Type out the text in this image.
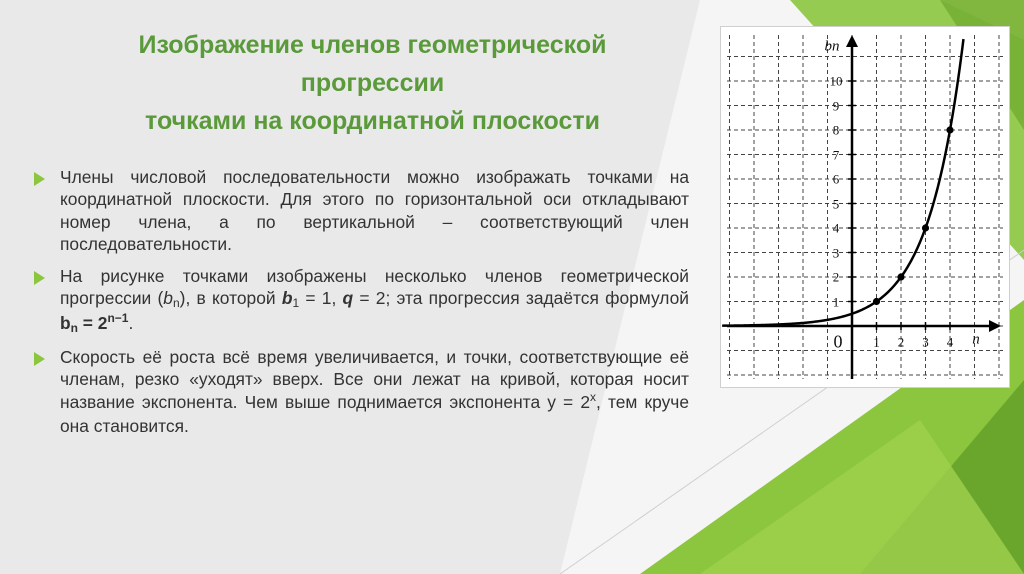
Изображение членов геометрической
прогрессии
точками на координатной плоскости
Члены числовой последовательности можно изображать точками на координатной плоскости. Для этого по горизонтальной оси откладывают номер члена, а по вертикальной – соответствующий член последовательности.
На рисунке точками изображены несколько членов геометрической прогрессии (bn), в которой b1 = 1, q = 2; эта прогрессия задаётся формулой bn = $2^{n-1}$.
Скорость её роста всё время увеличивается, и точки, соответствующие её членам, резко «уходят» вверх. Все они лежат на кривой, которая носит название экспонента. Чем выше поднимается экспонента $y = 2^x$, тем круче она становится.
1
2
3
4
5
6
7
8
9
10
1 2 3 4
0
bn
n
